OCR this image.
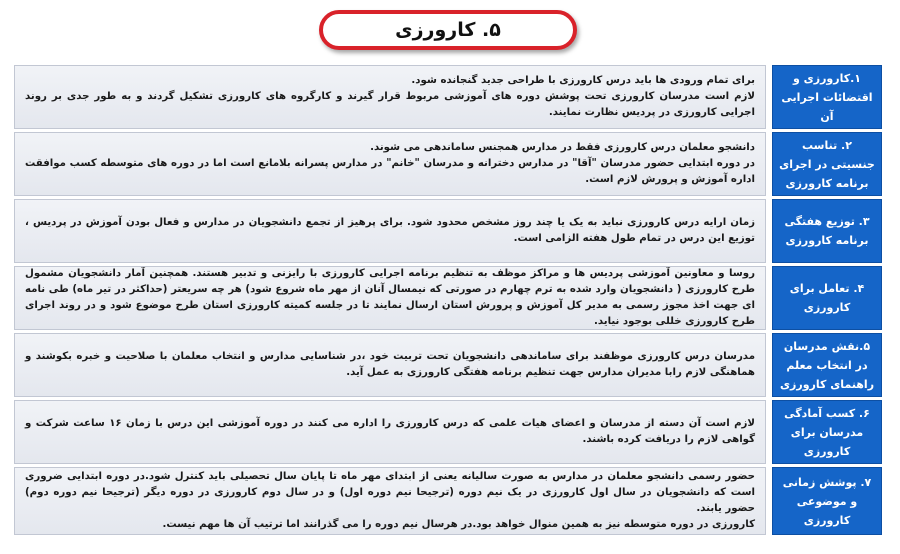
۵. کارورزی

برای تمام ورودی ها باید درس کارورزی با طراحی جدید گنجانده شود.

لازم است مدرسان کارورزی تحت پوشش دوره های آموزشی مربوط قرار گیرند و کارگروه های کارورزی تشکیل گردند و به طور جدی بر روند اجرایی کارورزی در پردیس نظارت نمایند.

۱.کارورزی و اقتضائات اجرایی آن

دانشجو معلمان درس کارورزی فقط در مدارس همجنس ساماندهی می شوند.

در دوره ابتدایی حضور مدرسان "آقا" در مدارس دخترانه و مدرسان "خانم" در مدارس پسرانه بلامانع است اما در دوره های متوسطه کسب موافقت اداره آموزش و پرورش لازم است.

۲. تناسب جنسیتی در اجرای برنامه کارورزی

زمان ارایه درس کارورزی نباید به یک یا چند روز مشخص محدود شود. برای پرهیز از تجمع دانشجویان در مدارس و فعال بودن آموزش در پردیس ، توزیع این درس در تمام طول هفته الزامی است.

۳. توزیع هفتگی برنامه کارورزی

روسا و معاونین آموزشی پردیس ها و مراکز موظف به تنظیم برنامه اجرایی کارورزی با رایزنی و تدبیر هستند. همچنین آمار دانشجویان مشمول طرح کارورزی ( دانشجویان وارد شده به ترم چهارم در صورتی که نیمسال آنان از مهر ماه شروع شود) هر چه سریعتر (حداکثر در تیر ماه) طی نامه ای جهت اخذ مجوز رسمی به مدیر کل آموزش و پرورش استان ارسال نمایند تا در جلسه کمیته کارورزی استان طرح موضوع شود و در روند اجرای طرح کارورزی خللی بوجود نیاید.

۴. تعامل برای کارورزی

مدرسان درس کارورزی موظفند برای ساماندهی دانشجویان تحت تربیت خود ،در شناسایی مدارس و انتخاب معلمان با صلاحیت و خبره بکوشند و هماهنگی لازم رابا مدیران مدارس جهت تنظیم برنامه هفتگی کارورزی به عمل آید.

۵.نقش مدرسان در انتخاب معلم راهنمای کارورزی

لازم است آن دسته از مدرسان و اعضای هیات علمی که درس کارورزی را اداره می کنند در دوره آموزشی این درس با زمان ۱۶ ساعت شرکت و گواهی لازم را دریافت کرده باشند.

۶. کسب آمادگی مدرسان برای کارورزی

حضور رسمی دانشجو معلمان در مدارس به صورت سالیانه یعنی از ابتدای مهر ماه تا پایان سال تحصیلی باید کنترل شود.در دوره ابتدایی ضروری است که دانشجویان در سال اول کارورزی در یک نیم دوره (ترجیحا نیم دوره اول) و در سال دوم کارورزی در دوره دیگر (ترجیحا نیم دوره دوم) حضور یابند.

کارورزی در دوره متوسطه نیز به همین منوال خواهد بود.در هرسال نیم دوره را می گذرانند اما ترتیب آن ها مهم نیست.

۷. پوشش زمانی و موضوعی کارورزی
